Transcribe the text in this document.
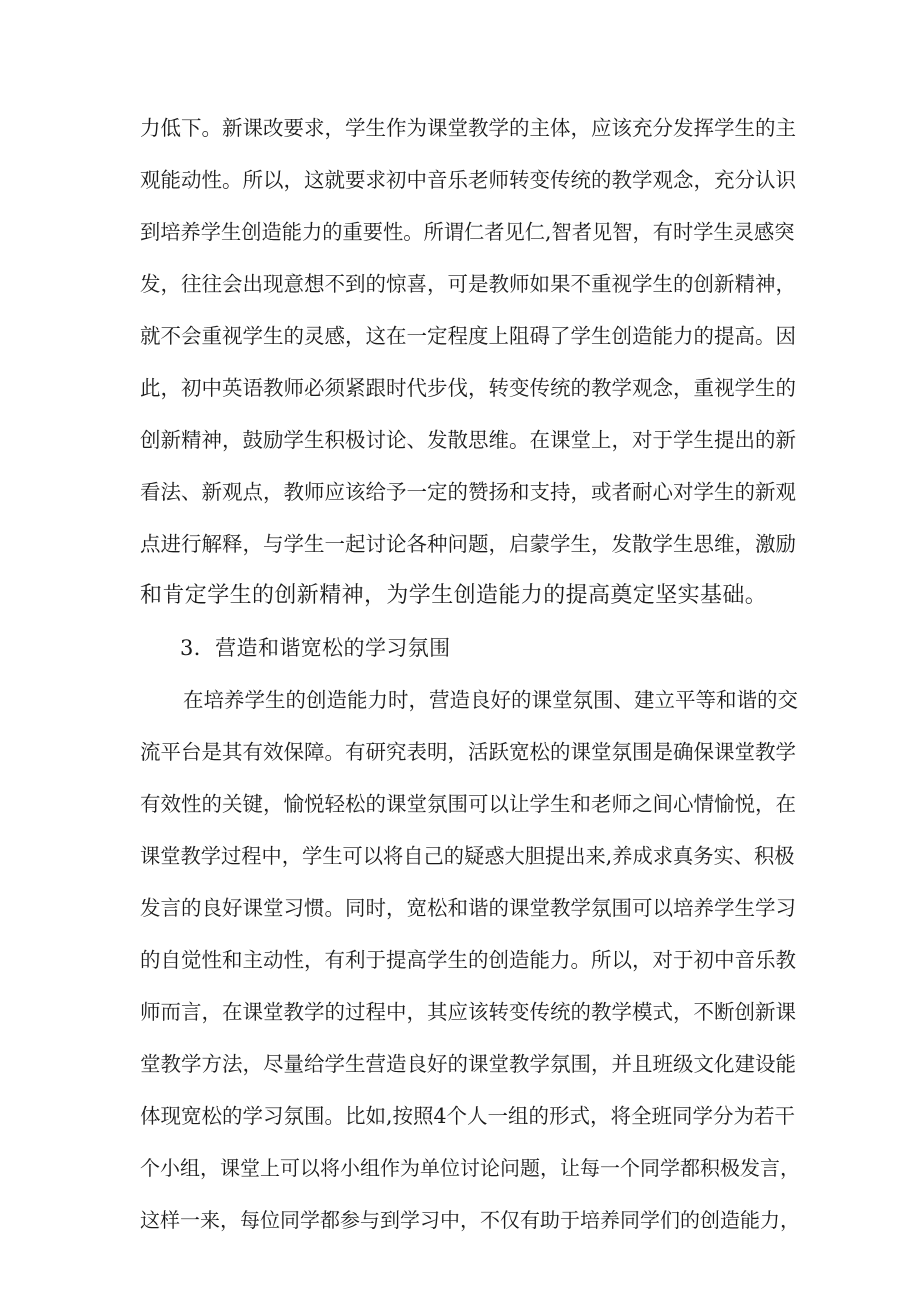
力低下。新课改要求，学生作为课堂教学的主体，应该充分发挥学生的主
观能动性。所以，这就要求初中音乐老师转变传统的教学观念，充分认识
到培养学生创造能力的重要性。所谓仁者见仁,智者见智，有时学生灵感突
发，往往会出现意想不到的惊喜，可是教师如果不重视学生的创新精神，
就不会重视学生的灵感，这在一定程度上阻碍了学生创造能力的提高。因
此，初中英语教师必须紧跟时代步伐，转变传统的教学观念，重视学生的
创新精神，鼓励学生积极讨论、发散思维。在课堂上，对于学生提出的新
看法、新观点，教师应该给予一定的赞扬和支持，或者耐心对学生的新观
点进行解释，与学生一起讨论各种问题，启蒙学生，发散学生思维，激励
和肯定学生的创新精神，为学生创造能力的提高奠定坚实基础。
3．营造和谐宽松的学习氛围
在培养学生的创造能力时，营造良好的课堂氛围、建立平等和谐的交
流平台是其有效保障。有研究表明，活跃宽松的课堂氛围是确保课堂教学
有效性的关键，愉悦轻松的课堂氛围可以让学生和老师之间心情愉悦，在
课堂教学过程中，学生可以将自己的疑惑大胆提出来,养成求真务实、积极
发言的良好课堂习惯。同时，宽松和谐的课堂教学氛围可以培养学生学习
的自觉性和主动性，有利于提高学生的创造能力。所以，对于初中音乐教
师而言，在课堂教学的过程中，其应该转变传统的教学模式，不断创新课
堂教学方法，尽量给学生营造良好的课堂教学氛围，并且班级文化建设能
体现宽松的学习氛围。比如,按照4个人一组的形式，将全班同学分为若干
个小组，课堂上可以将小组作为单位讨论问题，让每一个同学都积极发言，
这样一来，每位同学都参与到学习中，不仅有助于培养同学们的创造能力，
